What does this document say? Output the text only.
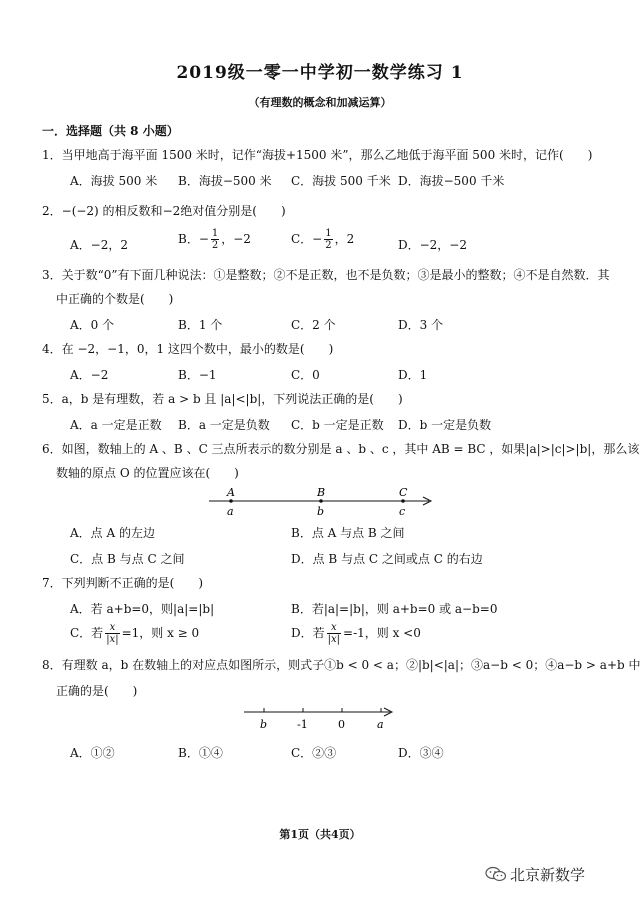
2019级一零一中学初一数学练习 1
（有理数的概念和加减运算）
一．选择题（共 8 小题）
1．当甲地高于海平面 1500 米时，记作“海拔+1500 米”，那么乙地低于海平面 500 米时，记作(　　)
A．海拔 500 米 B．海拔−500 米 C．海拔 500 千米 D．海拔−500 千米
2．−(−2) 的相反数和−2绝对值分别是(　　)
A．−2，2	B．− $\frac{1}{2}$ ，−2	C．− $\frac{1}{2}$ ，2	D．−2，−2
3．关于数“0”有下面几种说法：①是整数；②不是正数，也不是负数；③是最小的整数；④不是自然数．其
中正确的个数是(　　)
A．0 个	B．1 个	C．2 个	D．3 个
4．在 −2，−1，0，1 这四个数中，最小的数是(　　)
A．−2	B．−1	C．0	D．1
5．a，b 是有理数，若 a > b 且 |a|<|b|，下列说法正确的是(　　)
A．a 一定是正数 B．a 一定是负数 C．b 一定是正数 D．b 一定是负数
6．如图，数轴上的 A 、B 、C 三点所表示的数分别是 a 、b 、c ，其中 AB = BC ，如果|a|>|c|>|b|，那么该
数轴的原点 O 的位置应该在(　　)
A	B	C
a	b	c
A．点 A 的左边	B．点 A 与点 B 之间
C．点 B 与点 C 之间	D．点 B 与点 C 之间或点 C 的右边
7．下列判断不正确的是(　　)
A．若 a+b=0，则|a|=|b|	B．若|a|=|b|，则 a+b=0 或 a−b=0
C．若 $\frac{x}{|x|} =1$，则 x ≥ 0	D．若 $\frac{x}{|x|} =-1$，则 x <0
8．有理数 a，b 在数轴上的对应点如图所示，则式子①b < 0 < a；②|b|<|a|；③a−b < 0；④a−b > a+b 中
正确的是(　　)
b	-1	0	a
A．①②	B．①④	C．②③	D．③④
第1页（共4页）
北京新数学
